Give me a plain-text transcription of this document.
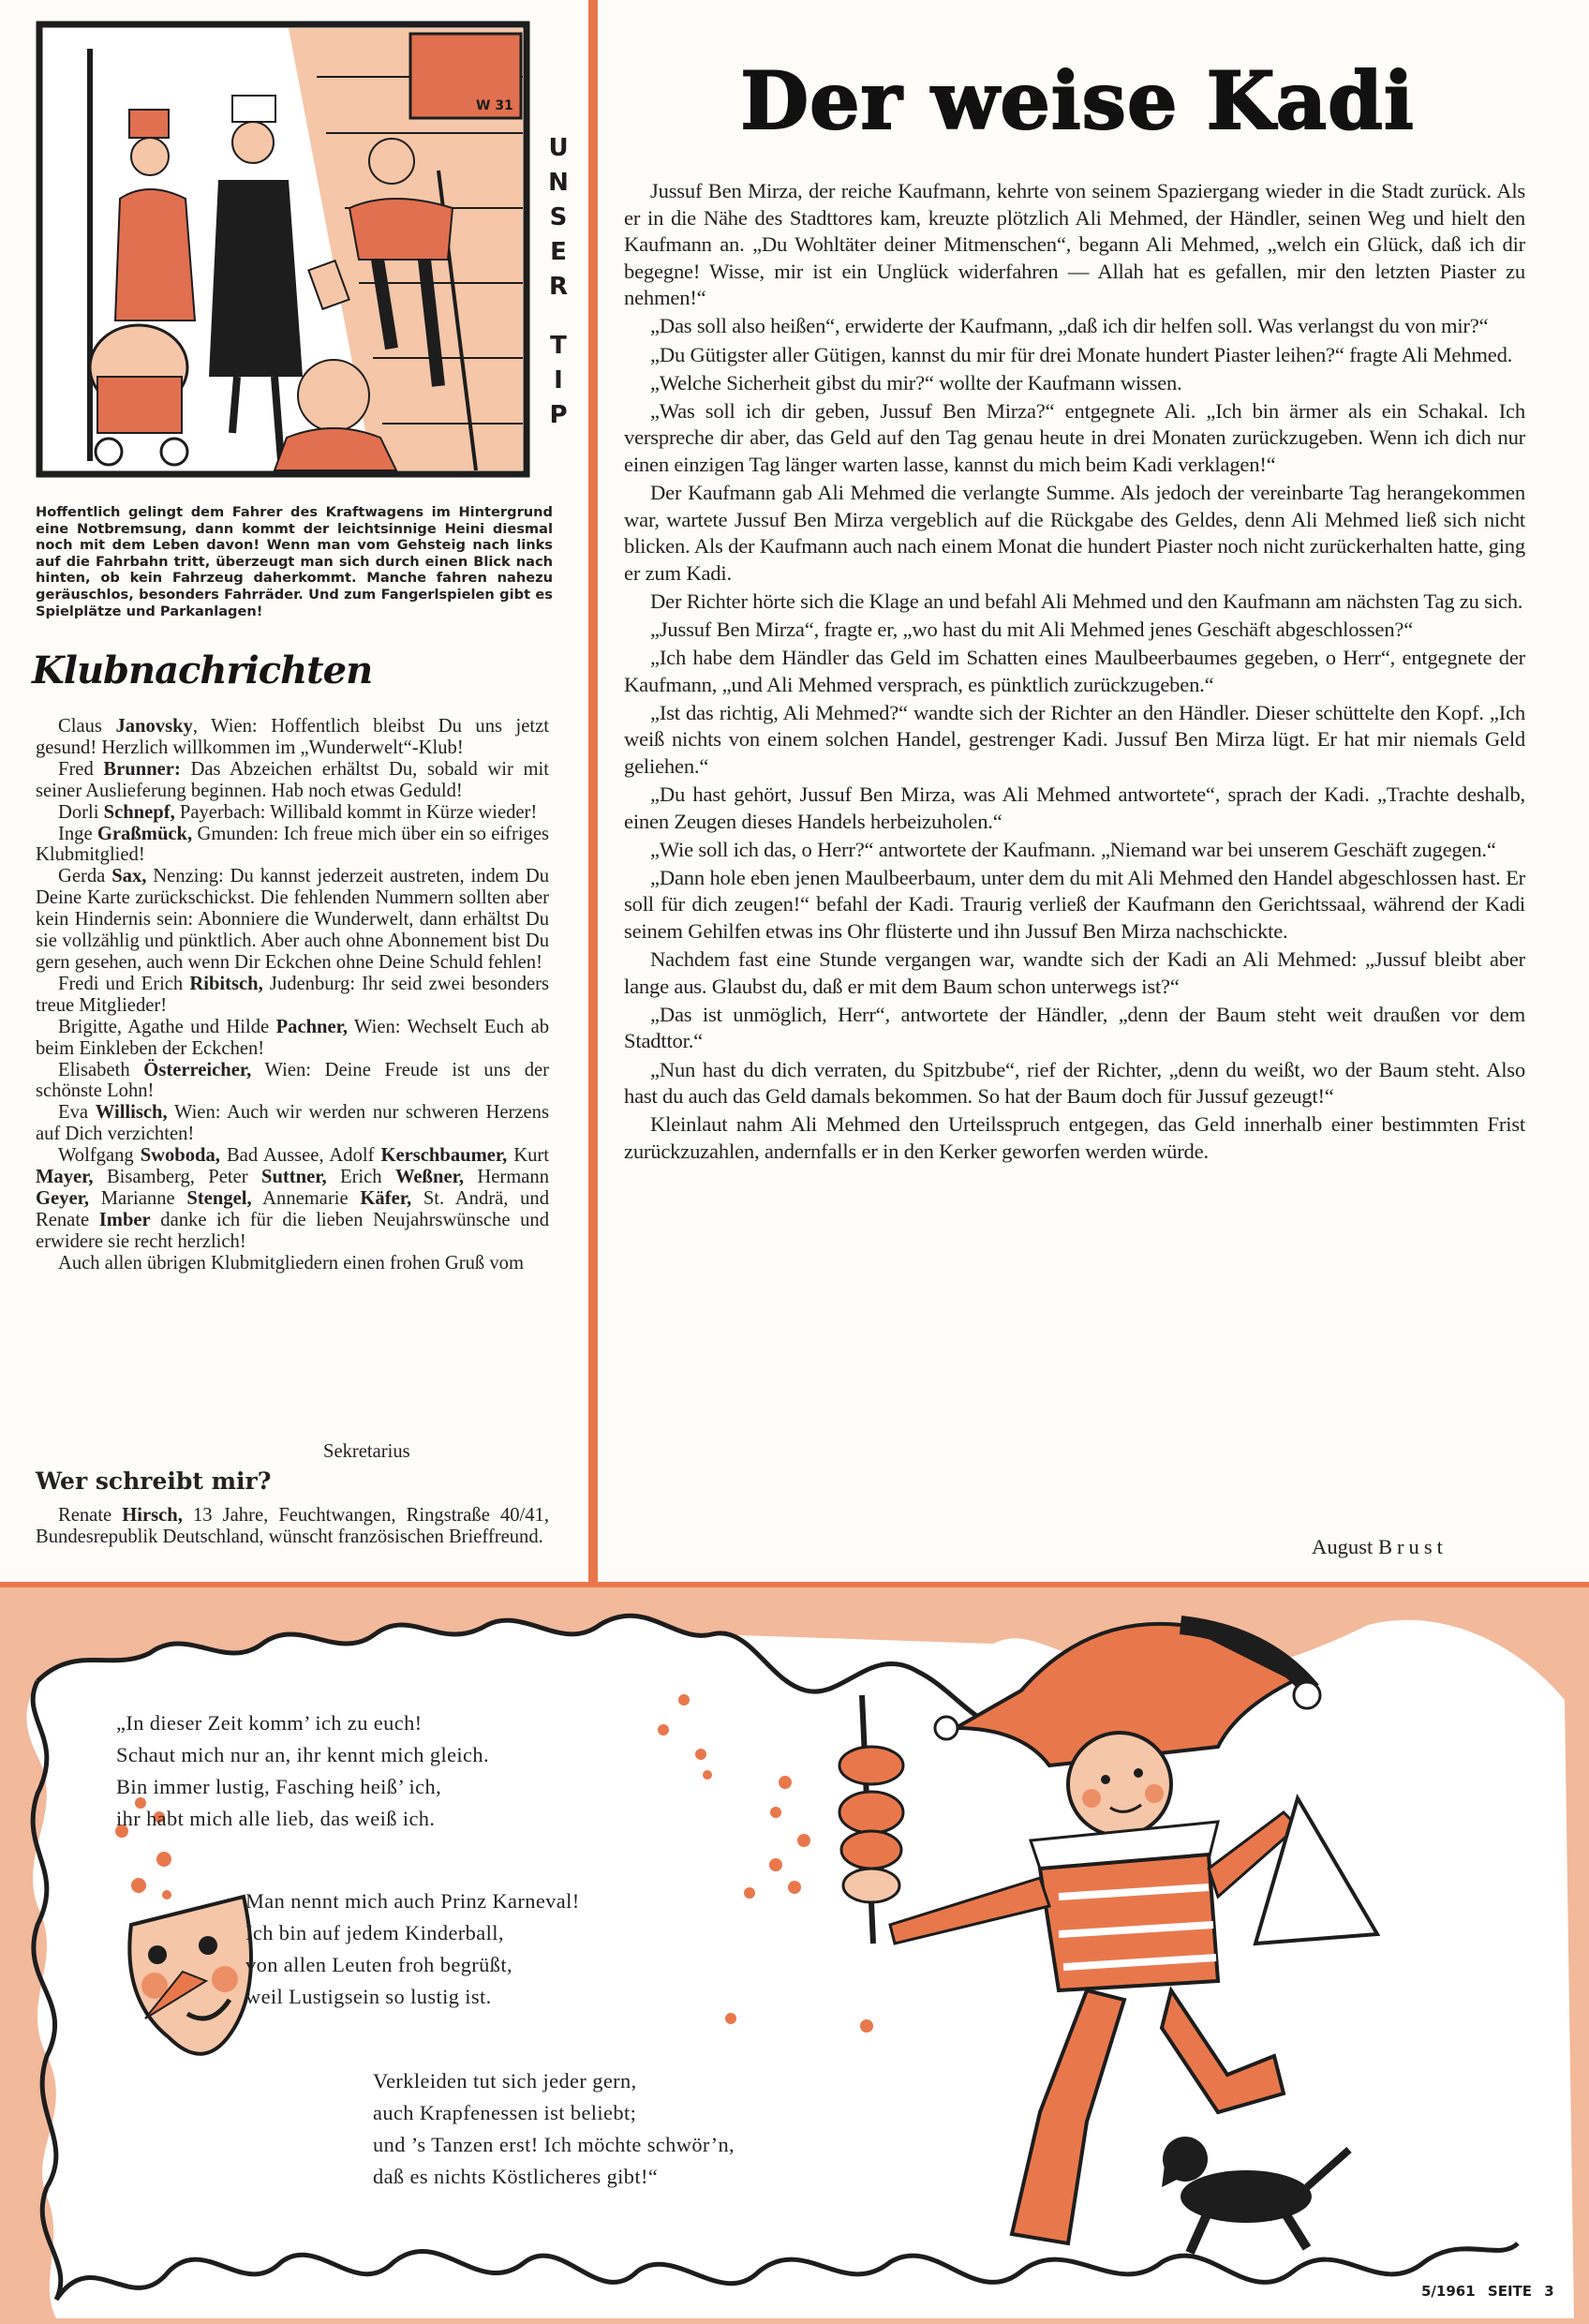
W 31
U
N
S
E
R
T
I
P
Hoffentlich gelingt dem Fahrer des Kraftwagens im Hintergrund eine Notbremsung, dann kommt der leichtsinnige Heini diesmal noch mit dem Leben davon! Wenn man vom Gehsteig nach links auf die Fahrbahn tritt, überzeugt man sich durch einen Blick nach hinten, ob kein Fahrzeug daherkommt. Manche fahren nahezu geräuschlos, besonders Fahrräder. Und zum Fangerlspielen gibt es Spielplätze und Parkanlagen!
Klubnachrichten

Claus Janovsky, Wien: Hoffentlich bleibst Du uns jetzt gesund! Herzlich willkommen im „Wunderwelt“-Klub!

Fred Brunner: Das Abzeichen erhältst Du, sobald wir mit seiner Auslieferung beginnen. Hab noch etwas Geduld!

Dorli Schnepf, Payerbach: Willibald kommt in Kürze wieder!

Inge Graßmück, Gmunden: Ich freue mich über ein so eifriges Klubmitglied!

Gerda Sax, Nenzing: Du kannst jederzeit austreten, indem Du Deine Karte zurückschickst. Die fehlenden Nummern sollten aber kein Hindernis sein: Abonniere die Wunderwelt, dann erhältst Du sie vollzählig und pünktlich. Aber auch ohne Abonnement bist Du gern gesehen, auch wenn Dir Eckchen ohne Deine Schuld fehlen!

Fredi und Erich Ribitsch, Judenburg: Ihr seid zwei besonders treue Mitglieder!

Brigitte, Agathe und Hilde Pachner, Wien: Wechselt Euch ab beim Einkleben der Eckchen!

Elisabeth Österreicher, Wien: Deine Freude ist uns der schönste Lohn!

Eva Willisch, Wien: Auch wir werden nur schweren Herzens auf Dich verzichten!

Wolfgang Swoboda, Bad Aussee, Adolf Kerschbaumer, Kurt Mayer, Bisamberg, Peter Suttner, Erich Weßner, Hermann Geyer, Marianne Stengel, Annemarie Käfer, St. Andrä, und Renate Imber danke ich für die lieben Neujahrswünsche und erwidere sie recht herzlich!

Auch allen übrigen Klubmitgliedern einen frohen Gruß vom

Sekretarius
Wer schreibt mir?

Renate Hirsch, 13 Jahre, Feuchtwangen, Ringstraße 40/41, Bundesrepublik Deutschland, wünscht französischen Brieffreund.

Der weise Kadi

Jussuf Ben Mirza, der reiche Kaufmann, kehrte von seinem Spaziergang wieder in die Stadt zurück. Als er in die Nähe des Stadttores kam, kreuzte plötzlich Ali Mehmed, der Händler, seinen Weg und hielt den Kaufmann an. „Du Wohltäter deiner Mitmenschen“, begann Ali Mehmed, „welch ein Glück, daß ich dir begegne! Wisse, mir ist ein Unglück widerfahren — Allah hat es gefallen, mir den letzten Piaster zu nehmen!“

„Das soll also heißen“, erwiderte der Kaufmann, „daß ich dir helfen soll. Was verlangst du von mir?“

„Du Gütigster aller Gütigen, kannst du mir für drei Monate hundert Piaster leihen?“ fragte Ali Mehmed.

„Welche Sicherheit gibst du mir?“ wollte der Kaufmann wissen.

„Was soll ich dir geben, Jussuf Ben Mirza?“ entgegnete Ali. „Ich bin ärmer als ein Schakal. Ich verspreche dir aber, das Geld auf den Tag genau heute in drei Monaten zurückzugeben. Wenn ich dich nur einen einzigen Tag länger warten lasse, kannst du mich beim Kadi verklagen!“

Der Kaufmann gab Ali Mehmed die verlangte Summe. Als jedoch der vereinbarte Tag herangekommen war, wartete Jussuf Ben Mirza vergeblich auf die Rückgabe des Geldes, denn Ali Mehmed ließ sich nicht blicken. Als der Kaufmann auch nach einem Monat die hundert Piaster noch nicht zurückerhalten hatte, ging er zum Kadi.

Der Richter hörte sich die Klage an und befahl Ali Mehmed und den Kaufmann am nächsten Tag zu sich.

„Jussuf Ben Mirza“, fragte er, „wo hast du mit Ali Mehmed jenes Geschäft abgeschlossen?“

„Ich habe dem Händler das Geld im Schatten eines Maulbeerbaumes gegeben, o Herr“, entgegnete der Kaufmann, „und Ali Mehmed versprach, es pünktlich zurückzugeben.“

„Ist das richtig, Ali Mehmed?“ wandte sich der Richter an den Händler. Dieser schüttelte den Kopf. „Ich weiß nichts von einem solchen Handel, gestrenger Kadi. Jussuf Ben Mirza lügt. Er hat mir niemals Geld geliehen.“

„Du hast gehört, Jussuf Ben Mirza, was Ali Mehmed antwortete“, sprach der Kadi. „Trachte deshalb, einen Zeugen dieses Handels herbeizuholen.“

„Wie soll ich das, o Herr?“ antwortete der Kaufmann. „Niemand war bei unserem Geschäft zugegen.“

„Dann hole eben jenen Maulbeerbaum, unter dem du mit Ali Mehmed den Handel abgeschlossen hast. Er soll für dich zeugen!“ befahl der Kadi. Traurig verließ der Kaufmann den Gerichtssaal, während der Kadi seinem Gehilfen etwas ins Ohr flüsterte und ihn Jussuf Ben Mirza nachschickte.

Nachdem fast eine Stunde vergangen war, wandte sich der Kadi an Ali Mehmed: „Jussuf bleibt aber lange aus. Glaubst du, daß er mit dem Baum schon unterwegs ist?“

„Das ist unmöglich, Herr“, antwortete der Händler, „denn der Baum steht weit draußen vor dem Stadttor.“

„Nun hast du dich verraten, du Spitzbube“, rief der Richter, „denn du weißt, wo der Baum steht. Also hast du auch das Geld damals bekommen. So hat der Baum doch für Jussuf gezeugt!“

Kleinlaut nahm Ali Mehmed den Urteilsspruch entgegen, das Geld innerhalb einer bestimmten Frist zurückzuzahlen, andernfalls er in den Kerker geworfen werden würde.

August Brust
„In dieser Zeit komm’ ich zu euch!
Schaut mich nur an, ihr kennt mich gleich.
Bin immer lustig, Fasching heiß’ ich,
ihr habt mich alle lieb, das weiß ich.
Man nennt mich auch Prinz Karneval!
Ich bin auf jedem Kinderball,
von allen Leuten froh begrüßt,
weil Lustigsein so lustig ist.
Verkleiden tut sich jeder gern,
auch Krapfenessen ist beliebt;
und ’s Tanzen erst! Ich möchte schwör’n,
daß es nichts Köstlicheres gibt!“
5/1961 SEITE 3
